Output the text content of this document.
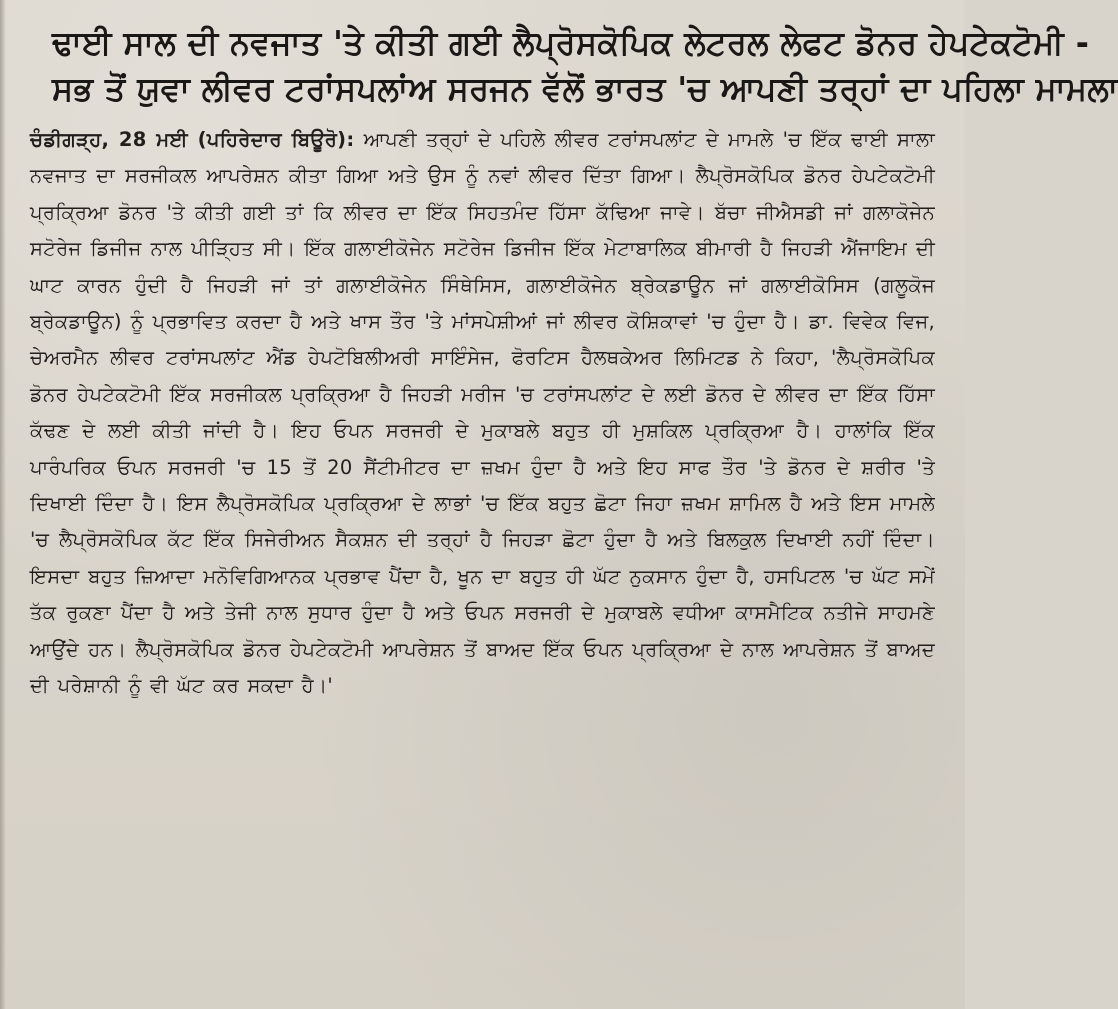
ਢਾਈ ਸਾਲ ਦੀ ਨਵਜਾਤ 'ਤੇ ਕੀਤੀ ਗਈ ਲੈਪ੍ਰੋਸਕੋਪਿਕ ਲੇਟਰਲ ਲੇਫਟ ਡੋਨਰ ਹੇਪਟੇਕਟੋਮੀ -
ਸਭ ਤੋਂ ਯੁਵਾ ਲੀਵਰ ਟਰਾਂਸਪਲਾਂਅ ਸਰਜਨ ਵੱਲੋਂ ਭਾਰਤ 'ਚ ਆਪਣੀ ਤਰ੍ਹਾਂ ਦਾ ਪਹਿਲਾ ਮਾਮਲਾ

ਚੰਡੀਗੜ੍ਹ, 28 ਮਈ (ਪਹਿਰੇਦਾਰ ਬਿਊਰੋ): ਆਪਣੀ ਤਰ੍ਹਾਂ ਦੇ ਪਹਿਲੇ ਲੀਵਰ ਟਰਾਂਸਪਲਾਂਟ ਦੇ ਮਾਮਲੇ 'ਚ ਇੱਕ ਢਾਈ ਸਾਲਾ ਨਵਜਾਤ ਦਾ ਸਰਜੀਕਲ ਆਪਰੇਸ਼ਨ ਕੀਤਾ ਗਿਆ ਅਤੇ ਉਸ ਨੂੰ ਨਵਾਂ ਲੀਵਰ ਦਿੱਤਾ ਗਿਆ। ਲੈਪ੍ਰੋਸਕੋਪਿਕ ਡੋਨਰ ਹੇਪਟੇਕਟੋਮੀ ਪ੍ਰਕ੍ਰਿਆ ਡੋਨਰ 'ਤੇ ਕੀਤੀ ਗਈ ਤਾਂ ਕਿ ਲੀਵਰ ਦਾ ਇੱਕ ਸਿਹਤਮੰਦ ਹਿੱਸਾ ਕੱਢਿਆ ਜਾਵੇ। ਬੱਚਾ ਜੀਐਸਡੀ ਜਾਂ ਗਲਾਕੋਜੇਨ ਸਟੋਰੇਜ ਡਿਜੀਜ ਨਾਲ ਪੀੜ੍ਹਿਤ ਸੀ। ਇੱਕ ਗਲਾਈਕੋਜੇਨ ਸਟੋਰੇਜ ਡਿਜੀਜ ਇੱਕ ਮੇਟਾਬਾਲਿਕ ਬੀਮਾਰੀ ਹੈ ਜਿਹੜੀ ਐਂਜਾਇਮ ਦੀ ਘਾਟ ਕਾਰਨ ਹੁੰਦੀ ਹੈ ਜਿਹੜੀ ਜਾਂ ਤਾਂ ਗਲਾਈਕੋਜੇਨ ਸਿੰਥੇਸਿਸ, ਗਲਾਈਕੋਜੇਨ ਬ੍ਰੇਕਡਾਊਨ ਜਾਂ ਗਲਾਈਕੋਸਿਸ (ਗਲੂਕੋਜ ਬ੍ਰੇਕਡਾਊਨ) ਨੂੰ ਪ੍ਰਭਾਵਿਤ ਕਰਦਾ ਹੈ ਅਤੇ ਖਾਸ ਤੌਰ 'ਤੇ ਮਾਂਸਪੇਸ਼ੀਆਂ ਜਾਂ ਲੀਵਰ ਕੋਸ਼ਿਕਾਵਾਂ 'ਚ ਹੁੰਦਾ ਹੈ। ਡਾ. ਵਿਵੇਕ ਵਿਜ, ਚੇਅਰਮੈਨ ਲੀਵਰ ਟਰਾਂਸਪਲਾਂਟ ਐਂਡ ਹੇਪਟੋਬਿਲੀਅਰੀ ਸਾਇੰਸੇਜ, ਫੋਰਟਿਸ ਹੈਲਥਕੇਅਰ ਲਿਮਿਟਡ ਨੇ ਕਿਹਾ, 'ਲੈਪ੍ਰੋਸਕੋਪਿਕ ਡੋਨਰ ਹੇਪਟੇਕਟੋਮੀ ਇੱਕ ਸਰਜੀਕਲ ਪ੍ਰਕ੍ਰਿਆ ਹੈ ਜਿਹੜੀ ਮਰੀਜ 'ਚ ਟਰਾਂਸਪਲਾਂਟ ਦੇ ਲਈ ਡੋਨਰ ਦੇ ਲੀਵਰ ਦਾ ਇੱਕ ਹਿੱਸਾ ਕੱਢਣ ਦੇ ਲਈ ਕੀਤੀ ਜਾਂਦੀ ਹੈ। ਇਹ ਓਪਨ ਸਰਜਰੀ ਦੇ ਮੁਕਾਬਲੇ ਬਹੁਤ ਹੀ ਮੁਸ਼ਕਿਲ ਪ੍ਰਕ੍ਰਿਆ ਹੈ। ਹਾਲਾਂਕਿ ਇੱਕ ਪਾਰੰਪਰਿਕ ਓਪਨ ਸਰਜਰੀ 'ਚ 15 ਤੋਂ 20 ਸੈਂਟੀਮੀਟਰ ਦਾ ਜ਼ਖਮ ਹੁੰਦਾ ਹੈ ਅਤੇ ਇਹ ਸਾਫ ਤੌਰ 'ਤੇ ਡੋਨਰ ਦੇ ਸ਼ਰੀਰ 'ਤੇ ਦਿਖਾਈ ਦਿੰਦਾ ਹੈ। ਇਸ ਲੈਪ੍ਰੋਸਕੋਪਿਕ ਪ੍ਰਕ੍ਰਿਆ ਦੇ ਲਾਭਾਂ 'ਚ ਇੱਕ ਬਹੁਤ ਛੋਟਾ ਜਿਹਾ ਜ਼ਖਮ ਸ਼ਾਮਿਲ ਹੈ ਅਤੇ ਇਸ ਮਾਮਲੇ 'ਚ ਲੈਪ੍ਰੋਸਕੋਪਿਕ ਕੱਟ ਇੱਕ ਸਿਜੇਰੀਅਨ ਸੈਕਸ਼ਨ ਦੀ ਤਰ੍ਹਾਂ ਹੈ ਜਿਹੜਾ ਛੋਟਾ ਹੁੰਦਾ ਹੈ ਅਤੇ ਬਿਲਕੁਲ ਦਿਖਾਈ ਨਹੀਂ ਦਿੰਦਾ। ਇਸਦਾ ਬਹੁਤ ਜ਼ਿਆਦਾ ਮਨੋਵਿਗਿਆਨਕ ਪ੍ਰਭਾਵ ਪੈਂਦਾ ਹੈ, ਖੂਨ ਦਾ ਬਹੁਤ ਹੀ ਘੱਟ ਨੁਕਸਾਨ ਹੁੰਦਾ ਹੈ, ਹਸਪਿਟਲ 'ਚ ਘੱਟ ਸਮੇਂ ਤੱਕ ਰੁਕਣਾ ਪੈਂਦਾ ਹੈ ਅਤੇ ਤੇਜੀ ਨਾਲ ਸੁਧਾਰ ਹੁੰਦਾ ਹੈ ਅਤੇ ਓਪਨ ਸਰਜਰੀ ਦੇ ਮੁਕਾਬਲੇ ਵਧੀਆ ਕਾਸਮੈਟਿਕ ਨਤੀਜੇ ਸਾਹਮਣੇ ਆਉਂਦੇ ਹਨ। ਲੈਪ੍ਰੋਸਕੋਪਿਕ ਡੋਨਰ ਹੇਪਟੇਕਟੋਮੀ ਆਪਰੇਸ਼ਨ ਤੋਂ ਬਾਅਦ ਇੱਕ ਓਪਨ ਪ੍ਰਕ੍ਰਿਆ ਦੇ ਨਾਲ ਆਪਰੇਸ਼ਨ ਤੋਂ ਬਾਅਦ ਦੀ ਪਰੇਸ਼ਾਨੀ ਨੂੰ ਵੀ ਘੱਟ ਕਰ ਸਕਦਾ ਹੈ।'
